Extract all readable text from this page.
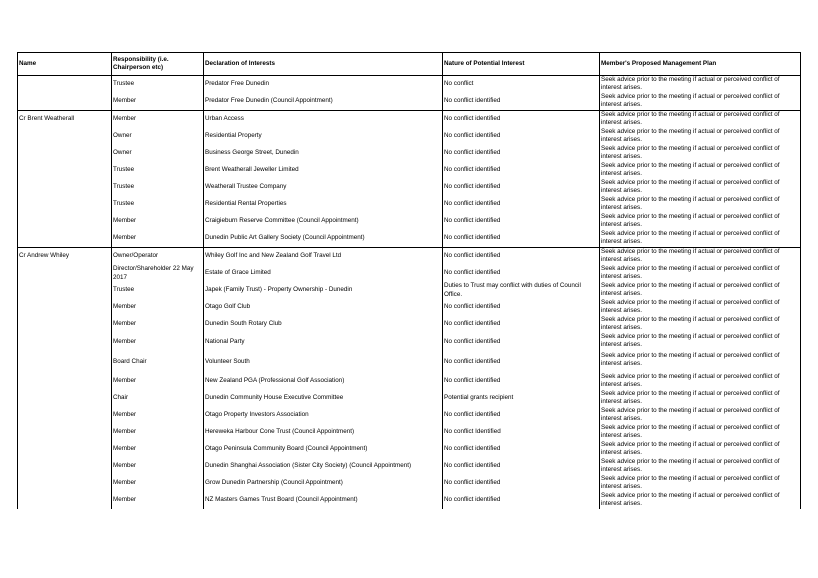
Name	Responsibility (i.e. Chairperson etc)	Declaration of Interests	Nature of Potential Interest	Member's Proposed Management Plan
	Trustee	Predator Free Dunedin	No conflict	Seek advice prior to the meeting if actual or perceived conflict of interest arises.
	Member	Predator Free Dunedin (Council Appointment)	No conflict identified	Seek advice prior to the meeting if actual or perceived conflict of interest arises.
Cr Brent Weatherall	Member	Urban Access	No conflict identified	Seek advice prior to the meeting if actual or perceived conflict of interest arises.
	Owner	Residential Property	No conflict identified	Seek advice prior to the meeting if actual or perceived conflict of interest arises.
	Owner	Business George Street, Dunedin	No conflict identified	Seek advice prior to the meeting if actual or perceived conflict of interest arises.
	Trustee	Brent Weatherall Jeweller Limited	No conflict identified	Seek advice prior to the meeting if actual or perceived conflict of interest arises.
	Trustee	Weatherall Trustee Company	No conflict identified	Seek advice prior to the meeting if actual or perceived conflict of interest arises.
	Trustee	Residential Rental Properties	No conflict identified	Seek advice prior to the meeting if actual or perceived conflict of interest arises.
	Member	Craigieburn Reserve Committee (Council Appointment)	No conflict identified	Seek advice prior to the meeting if actual or perceived conflict of interest arises.
	Member	Dunedin Public Art Gallery Society (Council Appointment)	No conflict identified	Seek advice prior to the meeting if actual or perceived conflict of interest arises.
Cr Andrew Whiley	Owner/Operator	Whiley Golf Inc and New Zealand Golf Travel Ltd	No conflict identified	Seek advice prior to the meeting if actual or perceived conflict of interest arises.
	Director/Shareholder 22 May 2017	Estate of Grace Limited	No conflict identified	Seek advice prior to the meeting if actual or perceived conflict of interest arises.
	Trustee	Japek (Family Trust) - Property Ownership - Dunedin	Duties to Trust may conflict with duties of Council Office.	Seek advice prior to the meeting if actual or perceived conflict of interest arises.
	Member	Otago Golf Club	No conflict identified	Seek advice prior to the meeting if actual or perceived conflict of interest arises.
	Member	Dunedin South Rotary Club	No conflict identified	Seek advice prior to the meeting if actual or perceived conflict of interest arises.
	Member	National Party	No conflict identified	Seek advice prior to the meeting if actual or perceived conflict of interest arises.
	Board Chair	Volunteer South	No conflict identified	Seek advice prior to the meeting if actual or perceived conflict of interest arises.
	Member	New Zealand PGA (Professional Golf Association)	No conflict identified	Seek advice prior to the meeting if actual or perceived conflict of interest arises.
	Chair	Dunedin Community House Executive Committee	Potential grants recipient	Seek advice prior to the meeting if actual or perceived conflict of interest arises.
	Member	Otago Property Investors Association	No conflict identified	Seek advice prior to the meeting if actual or perceived conflict of interest arises.
	Member	Hereweka Harbour Cone Trust (Council Appointment)	No conflict Identified	Seek advice prior to the meeting if actual or perceived conflict of interest arises.
	Member	Otago Peninsula Community Board (Council Appointment)	No conflict identified	Seek advice prior to the meeting if actual or perceived conflict of interest arises.
	Member	Dunedin Shanghai Association (Sister City Society) (Council Appointment)	No conflict identified	Seek advice prior to the meeting if actual or perceived conflict of interest arises.
	Member	Grow Dunedin Partnership (Council Appointment)	No conflict identified	Seek advice prior to the meeting if actual or perceived conflict of interest arises.
	Member	NZ Masters Games Trust Board (Council Appointment)	No conflict identified	Seek advice prior to the meeting if actual or perceived conflict of interest arises.
